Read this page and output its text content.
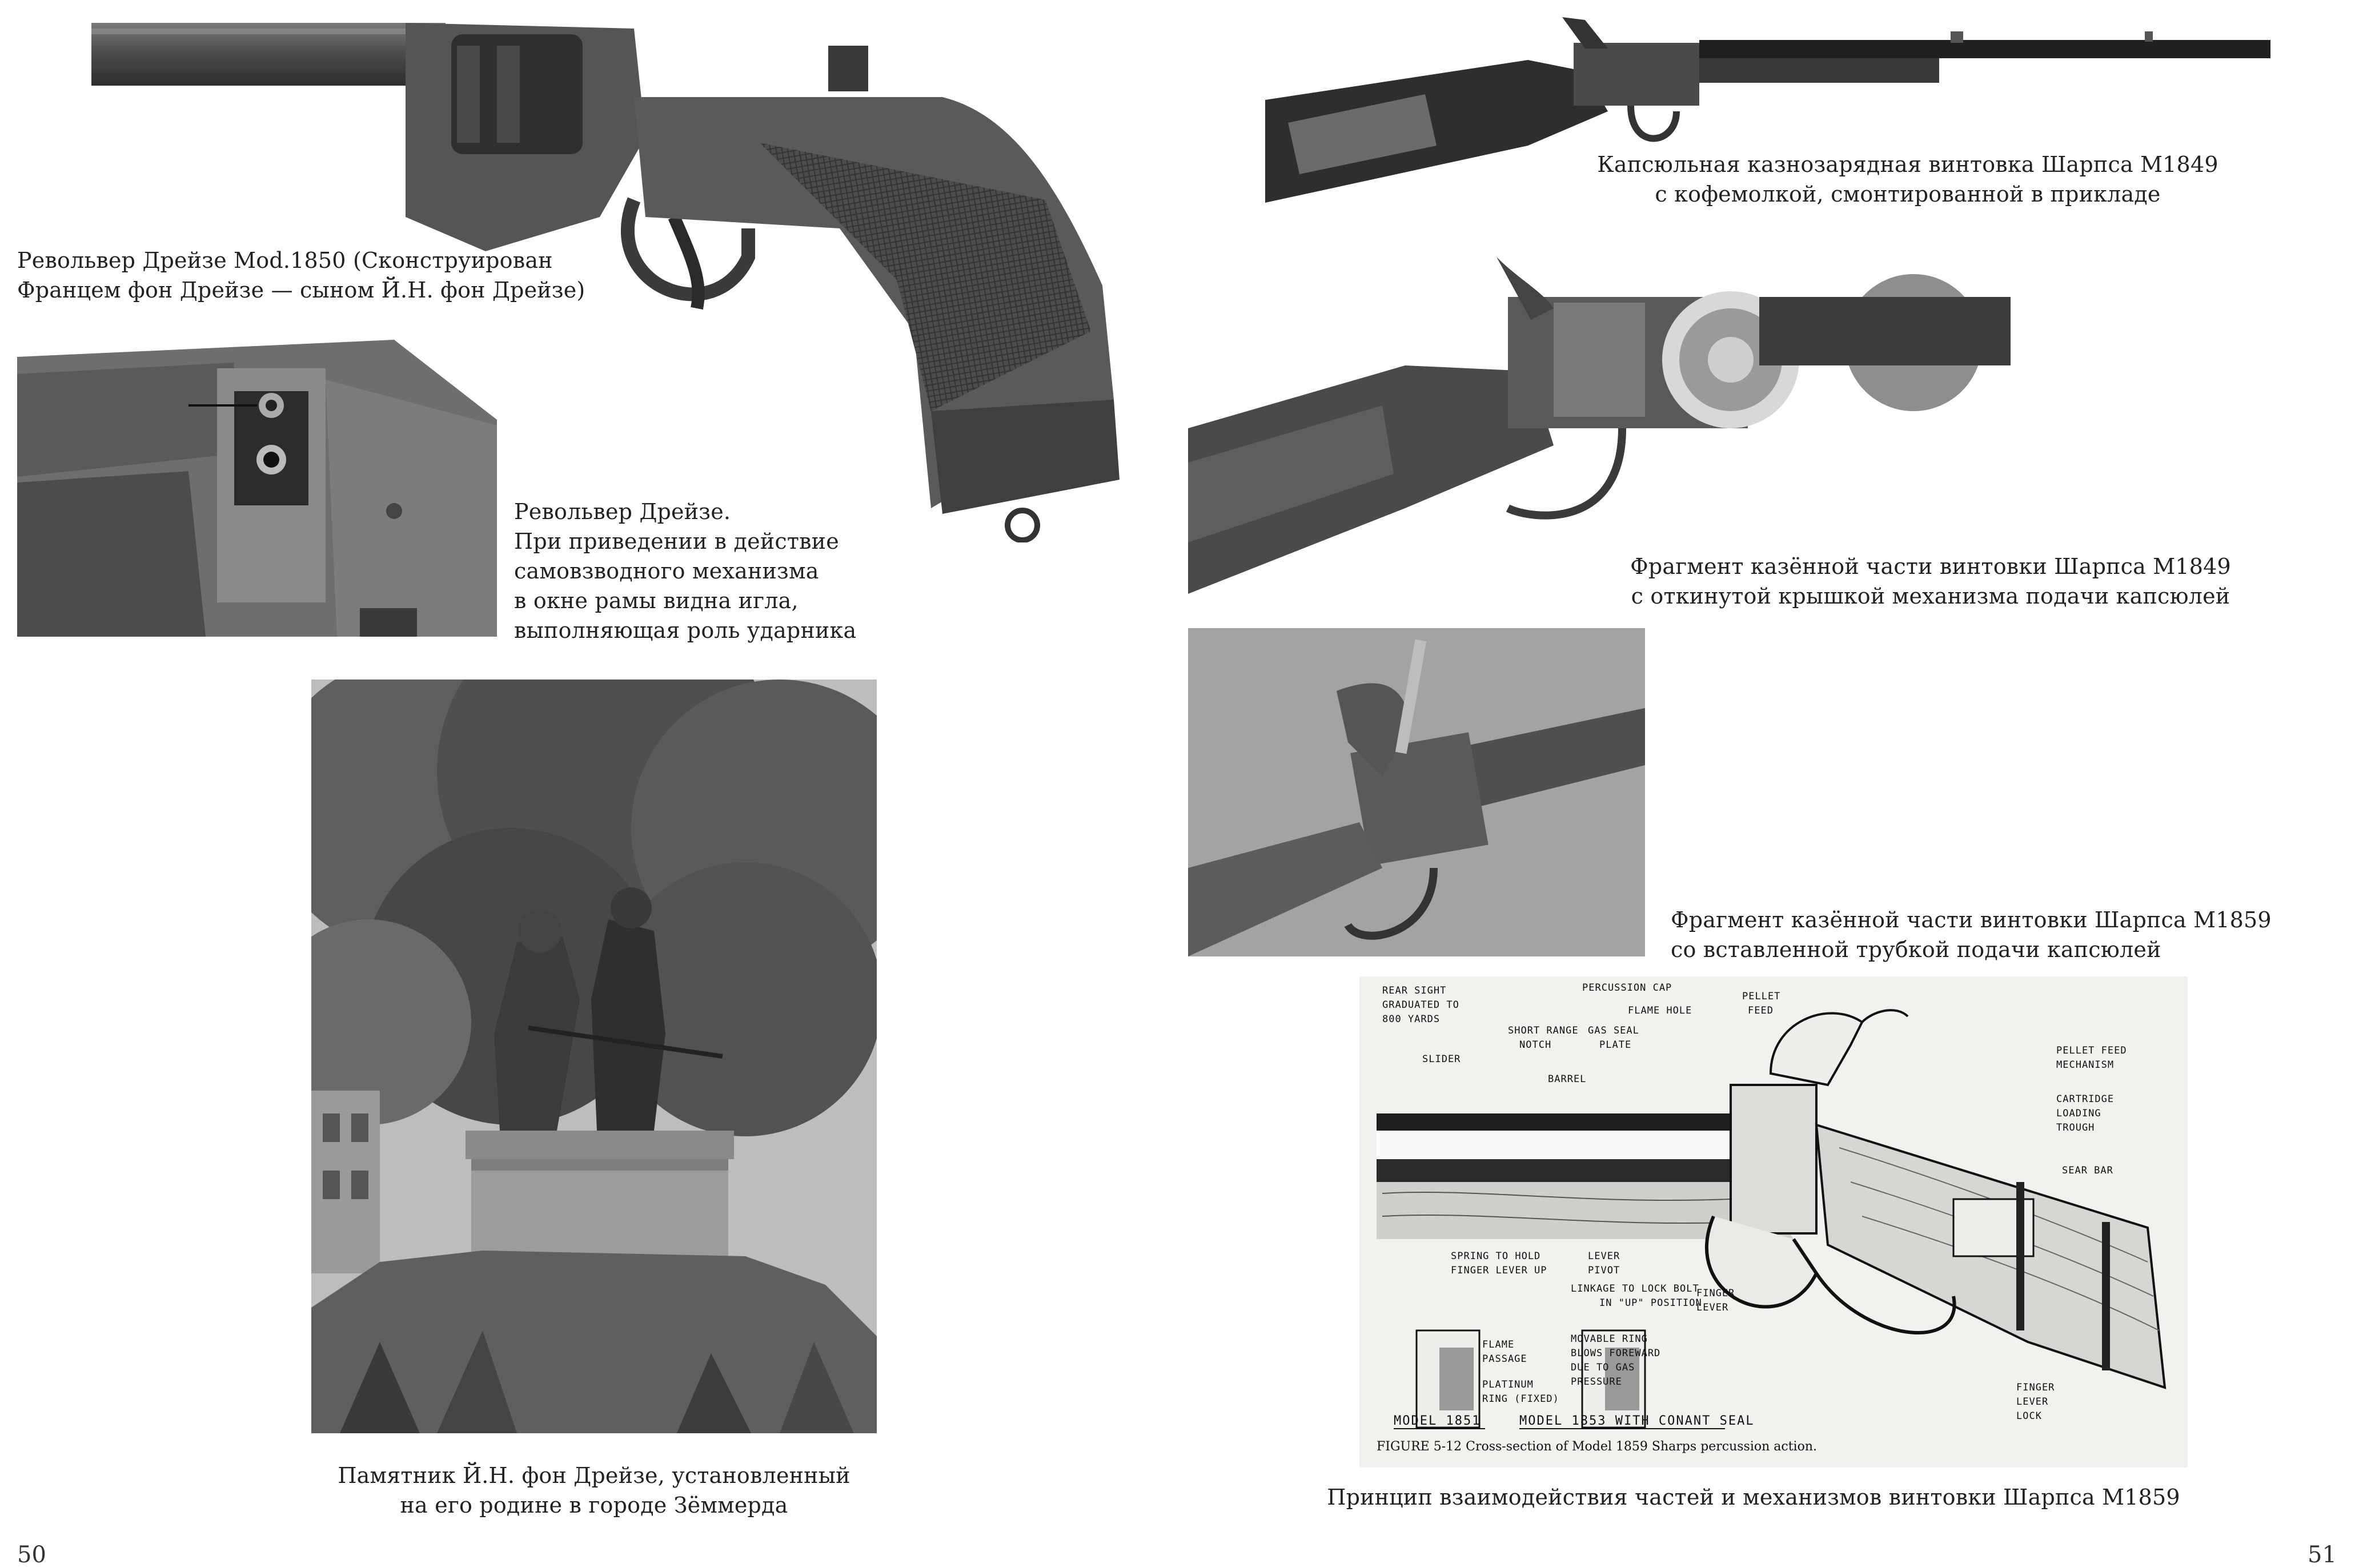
Револьвер Дрейзе Mod.1850 (Сконструирован
Францем фон Дрейзе — сыном Й.Н. фон Дрейзе)

Револьвер Дрейзе.
При приведении в действие
самовзводного механизма
в окне рамы видна игла,
выполняющая роль ударника

Памятник Й.Н. фон Дрейзе, установленный
на его родине в городе Зёммерда

50

Капсюльная казнозарядная винтовка Шарпса М1849
с кофемолкой, смонтированной в прикладе

Фрагмент казённой части винтовки Шарпса М1849
с откинутой крышкой механизма подачи капсюлей

Фрагмент казённой части винтовки Шарпса М1859
со вставленной трубкой подачи капсюлей

REAR SIGHT
GRADUATED TO
800 YARDS
SLIDER
SHORT RANGE
NOTCH
BARREL
PERCUSSION CAP
FLAME HOLE
GAS SEAL
PLATE
PELLET
FEED
PELLET FEED
MECHANISM
CARTRIDGE
LOADING
TROUGH
SEAR BAR
SPRING TO HOLD
FINGER LEVER UP
LEVER
PIVOT
LINKAGE TO LOCK BOLT
IN "UP" POSITION
FINGER
LEVER
FLAME
PASSAGE
PLATINUM
RING (FIXED)
MOVABLE RING
BLOWS FOREWARD
DUE TO GAS
PRESSURE	FINGER
LEVER
LOCK
MODEL 1851	MODEL 1853 WITH CONANT SEAL
FIGURE 5-12 Cross-section of Model 1859 Sharps percussion action.

Принцип взаимодействия частей и механизмов винтовки Шарпса М1859

51
